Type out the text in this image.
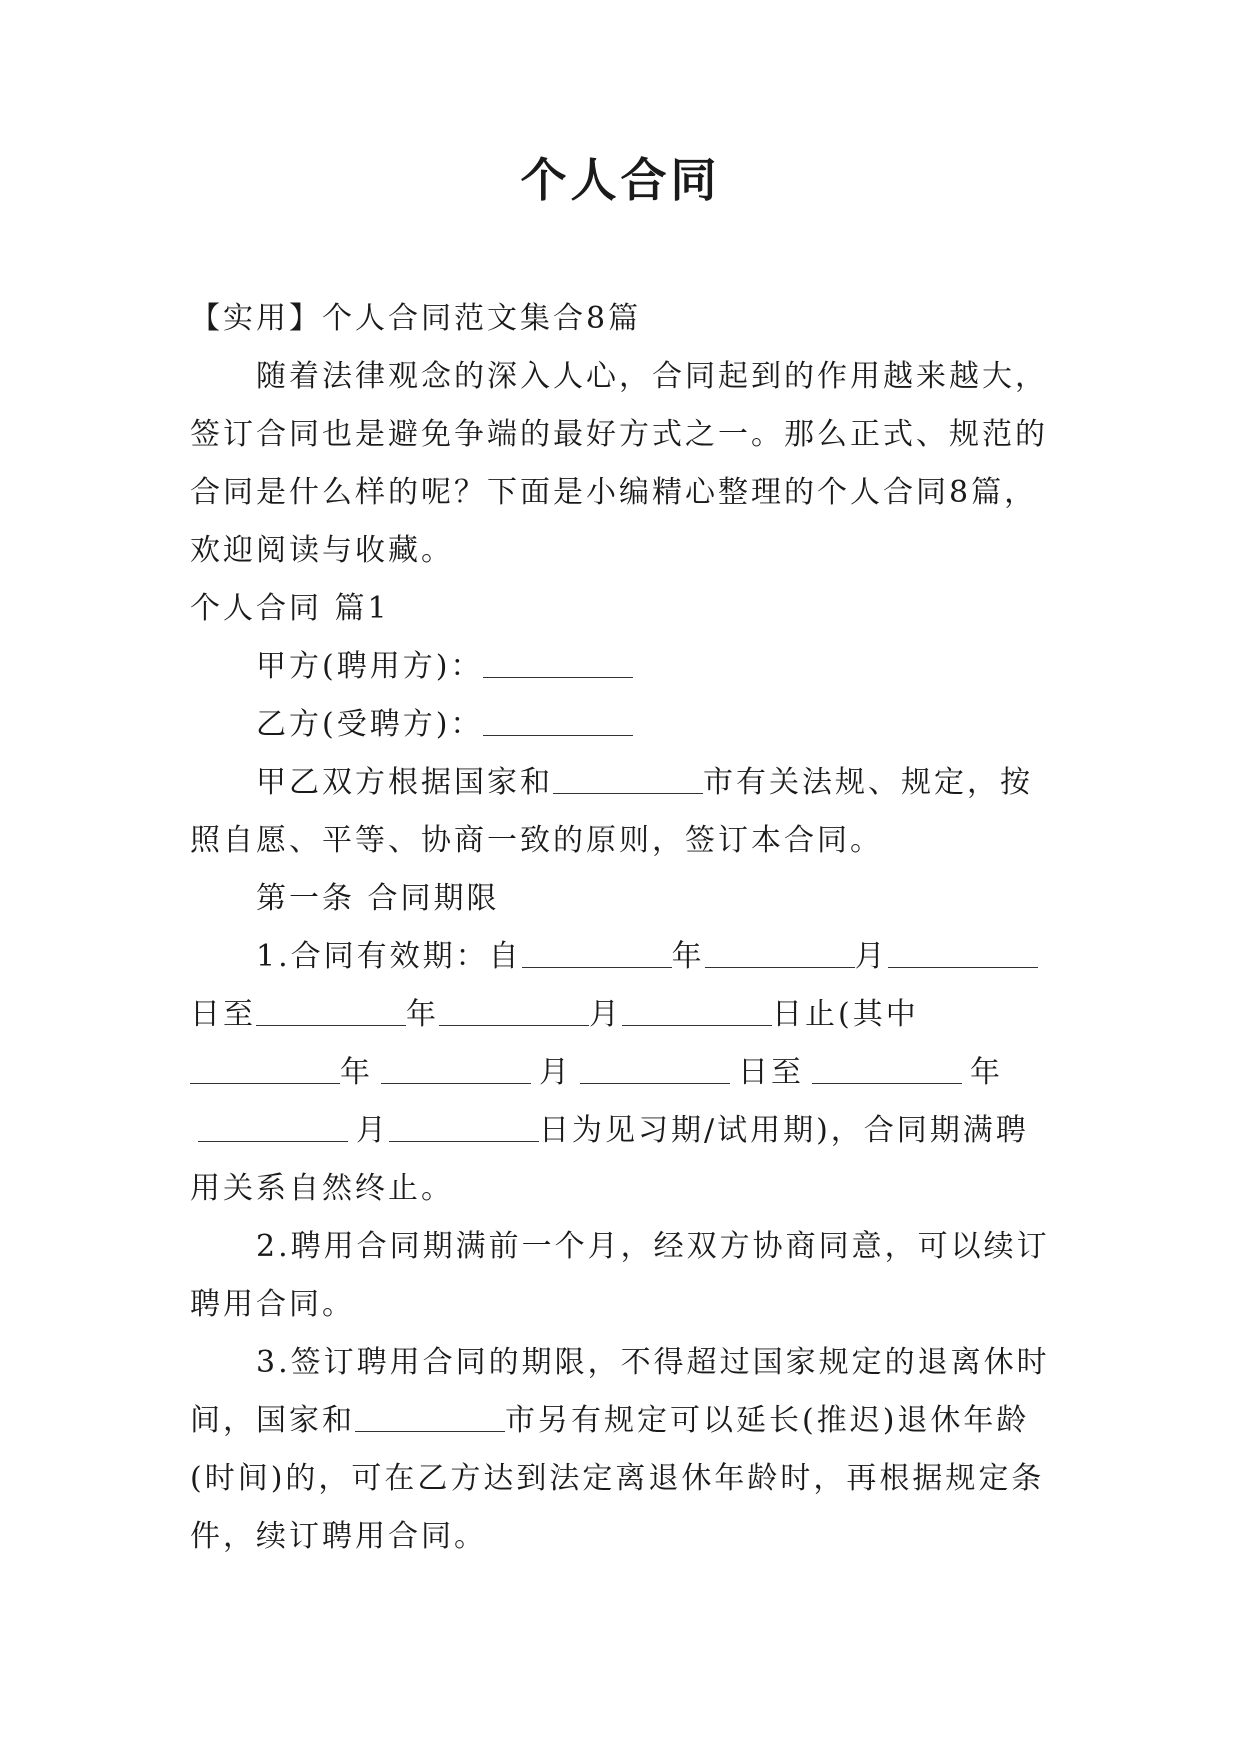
个人合同

【实用】个人合同范文集合8篇

随着法律观念的深入人心，合同起到的作用越来越大，签订合同也是避免争端的最好方式之一。那么正式、规范的合同是什么样的呢？下面是小编精心整理的个人合同8篇，欢迎阅读与收藏。

个人合同 篇1

甲方(聘用方)：

乙方(受聘方)：

甲乙双方根据国家和	市有关法规、规定，按照自愿、平等、协商一致的原则，签订本合同。

第一条 合同期限

1.合同有效期：自	年	月日至	年	月	日止(其中年	月	日至	年月	日为见习期/试用期)，合同期满聘用关系自然终止。

2.聘用合同期满前一个月，经双方协商同意，可以续订聘用合同。

3.签订聘用合同的期限，不得超过国家规定的退离休时间，国家和	市另有规定可以延长(推迟)退休年龄(时间)的，可在乙方达到法定离退休年龄时，再根据规定条件，续订聘用合同。
